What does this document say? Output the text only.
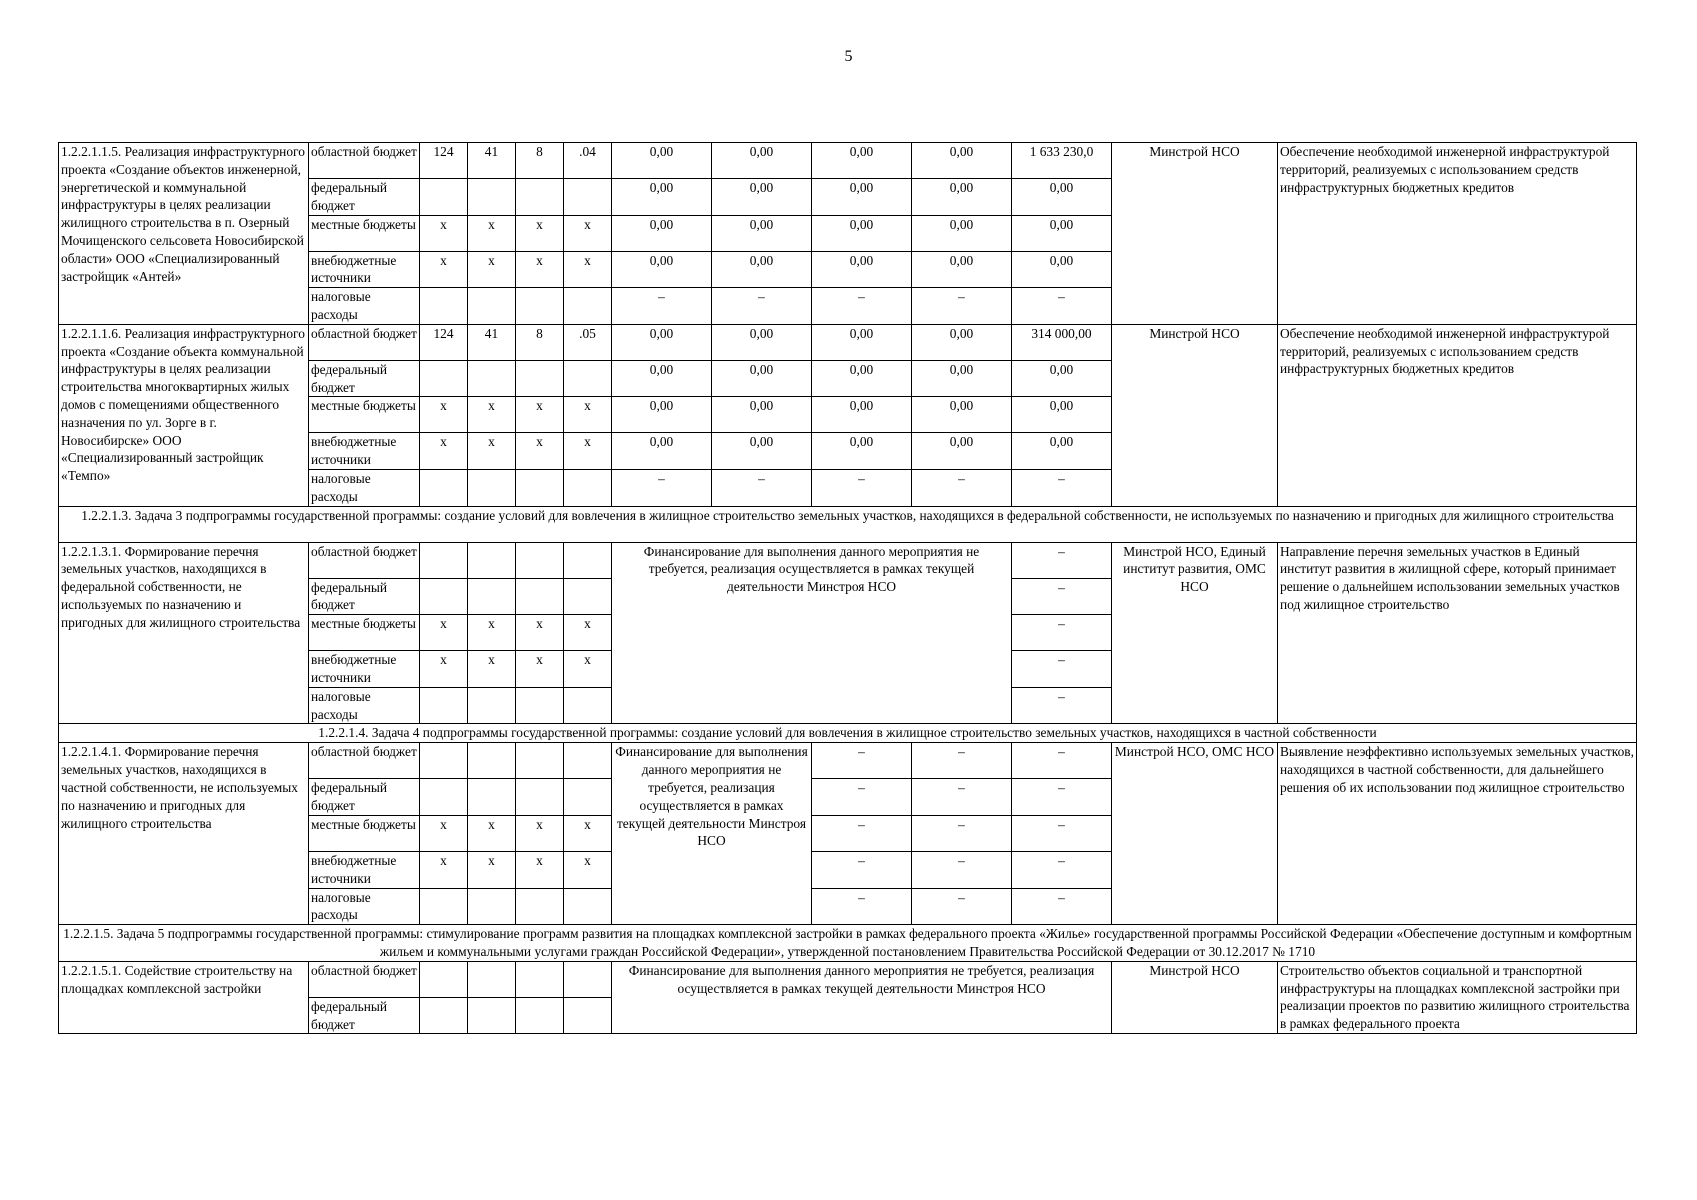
5
1.2.2.1.1.5. Реализация инфраструктурного проекта «Создание объектов инженерной, энергетической и коммунальной инфраструктуры в целях реализации жилищного строительства в п. Озерный Мочищенского сельсовета Новосибирской области» ООО «Специализированный застройщик «Антей»	областной бюджет	124	41	8	.04	0,00	0,00	0,00	0,00	1 633 230,0	Минстрой НСО	Обеспечение необходимой инженерной инфраструктурой территорий, реализуемых с использованием средств инфраструктурных бюджетных кредитов
	федеральный бюджет					0,00	0,00	0,00	0,00	0,00		
	местные бюджеты	х	х	х	х	0,00	0,00	0,00	0,00	0,00		
	внебюджетные источники	х	х	х	х	0,00	0,00	0,00	0,00	0,00		
	налоговые расходы					–	–	–	–	–		
1.2.2.1.1.6. Реализация инфраструктурного проекта «Создание объекта коммунальной инфраструктуры в целях реализации строительства многоквартирных жилых домов с помещениями общественного назначения по ул. Зорге в г. Новосибирске» ООО «Специализированный застройщик «Темпо»	областной бюджет	124	41	8	.05	0,00	0,00	0,00	0,00	314 000,00	Минстрой НСО	Обеспечение необходимой инженерной инфраструктурой территорий, реализуемых с использованием средств инфраструктурных бюджетных кредитов
	федеральный бюджет					0,00	0,00	0,00	0,00	0,00		
	местные бюджеты	х	х	х	х	0,00	0,00	0,00	0,00	0,00		
	внебюджетные источники	х	х	х	х	0,00	0,00	0,00	0,00	0,00		
	налоговые расходы					–	–	–	–	–		
1.2.2.1.3. Задача 3 подпрограммы государственной программы: создание условий для вовлечения в жилищное строительство земельных участков, находящихся в федеральной собственности, не используемых по назначению и пригодных для жилищного строительства												
1.2.2.1.3.1. Формирование перечня земельных участков, находящихся в федеральной собственности, не используемых по назначению и пригодных для жилищного строительства	областной бюджет					Финансирование для выполнения данного мероприятия не требуется, реализация осуществляется в рамках текущей деятельности Минстроя НСО				–	Минстрой НСО, Единый институт развития, ОМС НСО	Направление перечня земельных участков в Единый институт развития в жилищной сфере, который принимает решение о дальнейшем использовании земельных участков под жилищное строительство
	федеральный бюджет									–		
	местные бюджеты	х	х	х	х					–		
	внебюджетные источники	х	х	х	х					–		
	налоговые расходы									–		
1.2.2.1.4. Задача 4 подпрограммы государственной программы: создание условий для вовлечения в жилищное строительство земельных участков, находящихся в частной собственности												
1.2.2.1.4.1. Формирование перечня земельных участков, находящихся в частной собственности, не используемых по назначению и пригодных для жилищного строительства	областной бюджет					Финансирование для выполнения данного мероприятия не требуется, реализация осуществляется в рамках текущей деятельности Минстроя НСО		–	–	–	Минстрой НСО, ОМС НСО	Выявление неэффективно используемых земельных участков, находящихся в частной собственности, для дальнейшего решения об их использовании под жилищное строительство
	федеральный бюджет							–	–	–		
	местные бюджеты	х	х	х	х			–	–	–		
	внебюджетные источники	х	х	х	х			–	–	–		
	налоговые расходы							–	–	–		
1.2.2.1.5. Задача 5 подпрограммы государственной программы: стимулирование программ развития на площадках комплексной застройки в рамках федерального проекта «Жилье» государственной программы Российской Федерации «Обеспечение доступным и комфортным жильем и коммунальными услугами граждан Российской Федерации», утвержденной постановлением Правительства Российской Федерации от 30.12.2017 № 1710												
1.2.2.1.5.1. Содействие строительству на площадках комплексной застройки	областной бюджет					Финансирование для выполнения данного мероприятия не требуется, реализация осуществляется в рамках текущей деятельности Минстроя НСО					Минстрой НСО	Строительство объектов социальной и транспортной инфраструктуры на площадках комплексной застройки при реализации проектов по развитию жилищного строительства в рамках федерального проекта
	федеральный бюджет											
